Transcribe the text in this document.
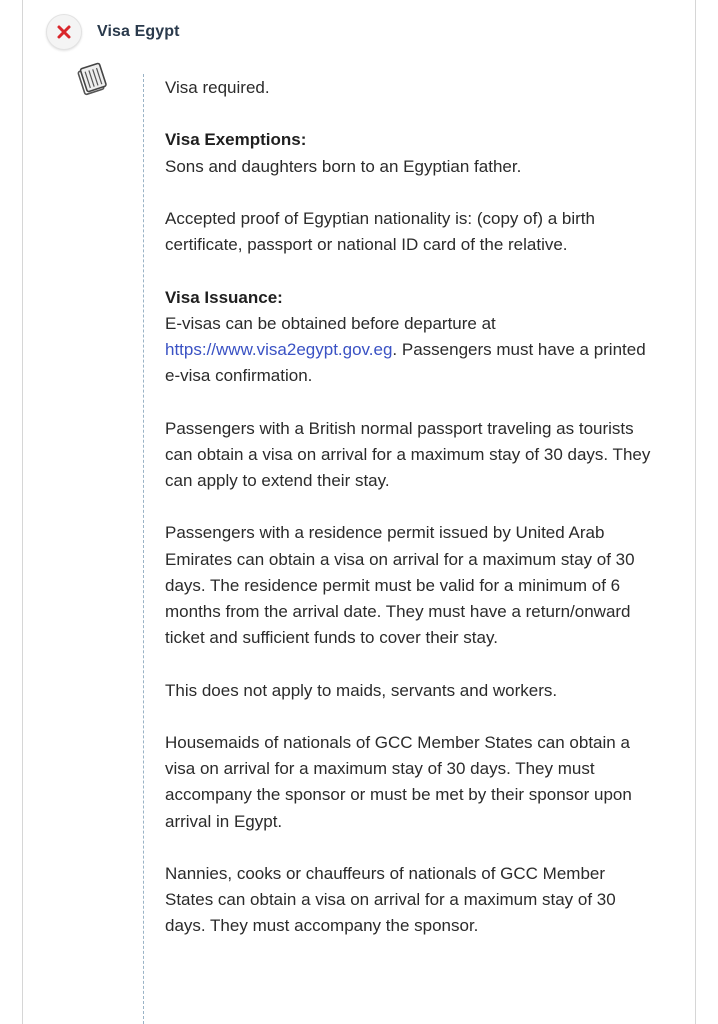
Visa Egypt

Visa required.

Visa Exemptions:
Sons and daughters born to an Egyptian father.

Accepted proof of Egyptian nationality is: (copy of) a birth certificate, passport or national ID card of the relative.

Visa Issuance:
E-visas can be obtained before departure at
https://www.visa2egypt.gov.eg. Passengers must have a printed e-visa confirmation.

Passengers with a British normal passport traveling as tourists can obtain a visa on arrival for a maximum stay of 30 days. They can apply to extend their stay.

Passengers with a residence permit issued by United Arab Emirates can obtain a visa on arrival for a maximum stay of 30 days. The residence permit must be valid for a minimum of 6 months from the arrival date. They must have a return/onward ticket and sufficient funds to cover their stay.

This does not apply to maids, servants and workers.

Housemaids of nationals of GCC Member States can obtain a visa on arrival for a maximum stay of 30 days. They must accompany the sponsor or must be met by their sponsor upon arrival in Egypt.

Nannies, cooks or chauffeurs of nationals of GCC Member States can obtain a visa on arrival for a maximum stay of 30 days. They must accompany the sponsor.
